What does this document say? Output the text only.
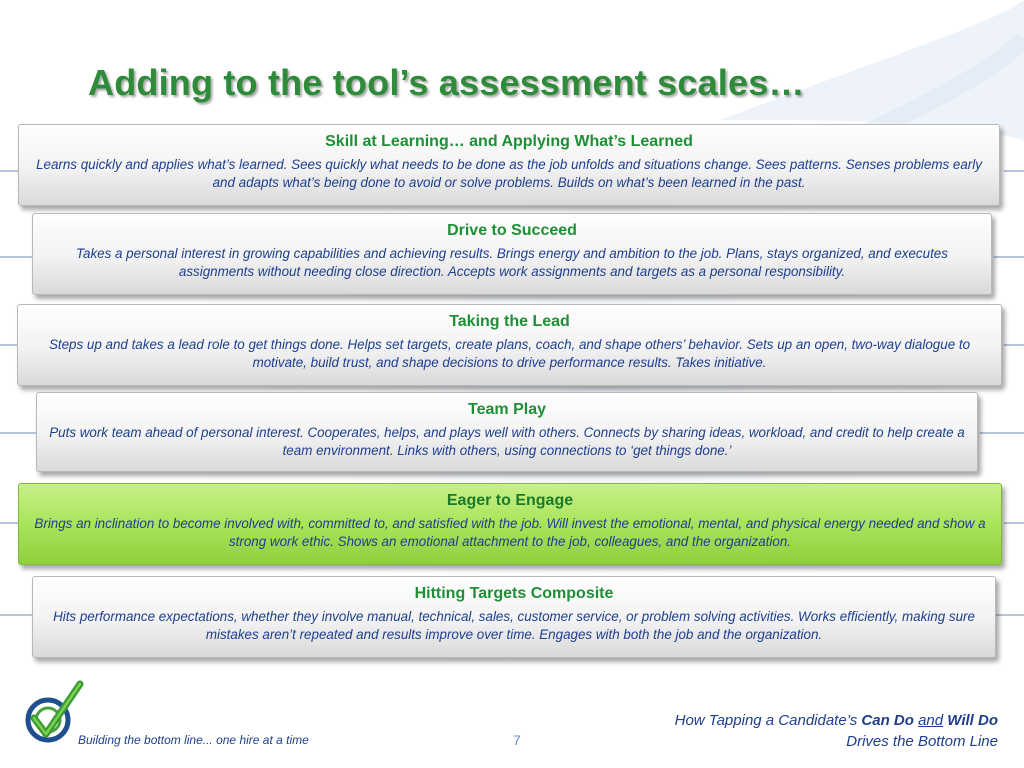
Adding to the tool’s assessment scales…
Skill at Learning… and Applying What’s Learned

Learns quickly and applies what’s learned. Sees quickly what needs to be done as the job unfolds and situations change. Sees patterns. Senses problems early and adapts what’s being done to avoid or solve problems. Builds on what’s been learned in the past.

Drive to Succeed

Takes a personal interest in growing capabilities and achieving results. Brings energy and ambition to the job. Plans, stays organized, and executes assignments without needing close direction. Accepts work assignments and targets as a personal responsibility.

Taking the Lead

Steps up and takes a lead role to get things done. Helps set targets, create plans, coach, and shape others’ behavior. Sets up an open, two-way dialogue to motivate, build trust, and shape decisions to drive performance results. Takes initiative.

Team Play

Puts work team ahead of personal interest. Cooperates, helps, and plays well with others. Connects by sharing ideas, workload, and credit to help create a team environment. Links with others, using connections to ‘get things done.’

Eager to Engage

Brings an inclination to become involved with, committed to, and satisfied with the job. Will invest the emotional, mental, and physical energy needed and show a strong work ethic. Shows an emotional attachment to the job, colleagues, and the organization.

Hitting Targets Composite

Hits performance expectations, whether they involve manual, technical, sales, customer service, or problem solving activities. Works efficiently, making sure mistakes aren’t repeated and results improve over time. Engages with both the job and the organization.

Building the bottom line... one hire at a time	7
How Tapping a Candidate’s Can Do and Will Do
Drives the Bottom Line
